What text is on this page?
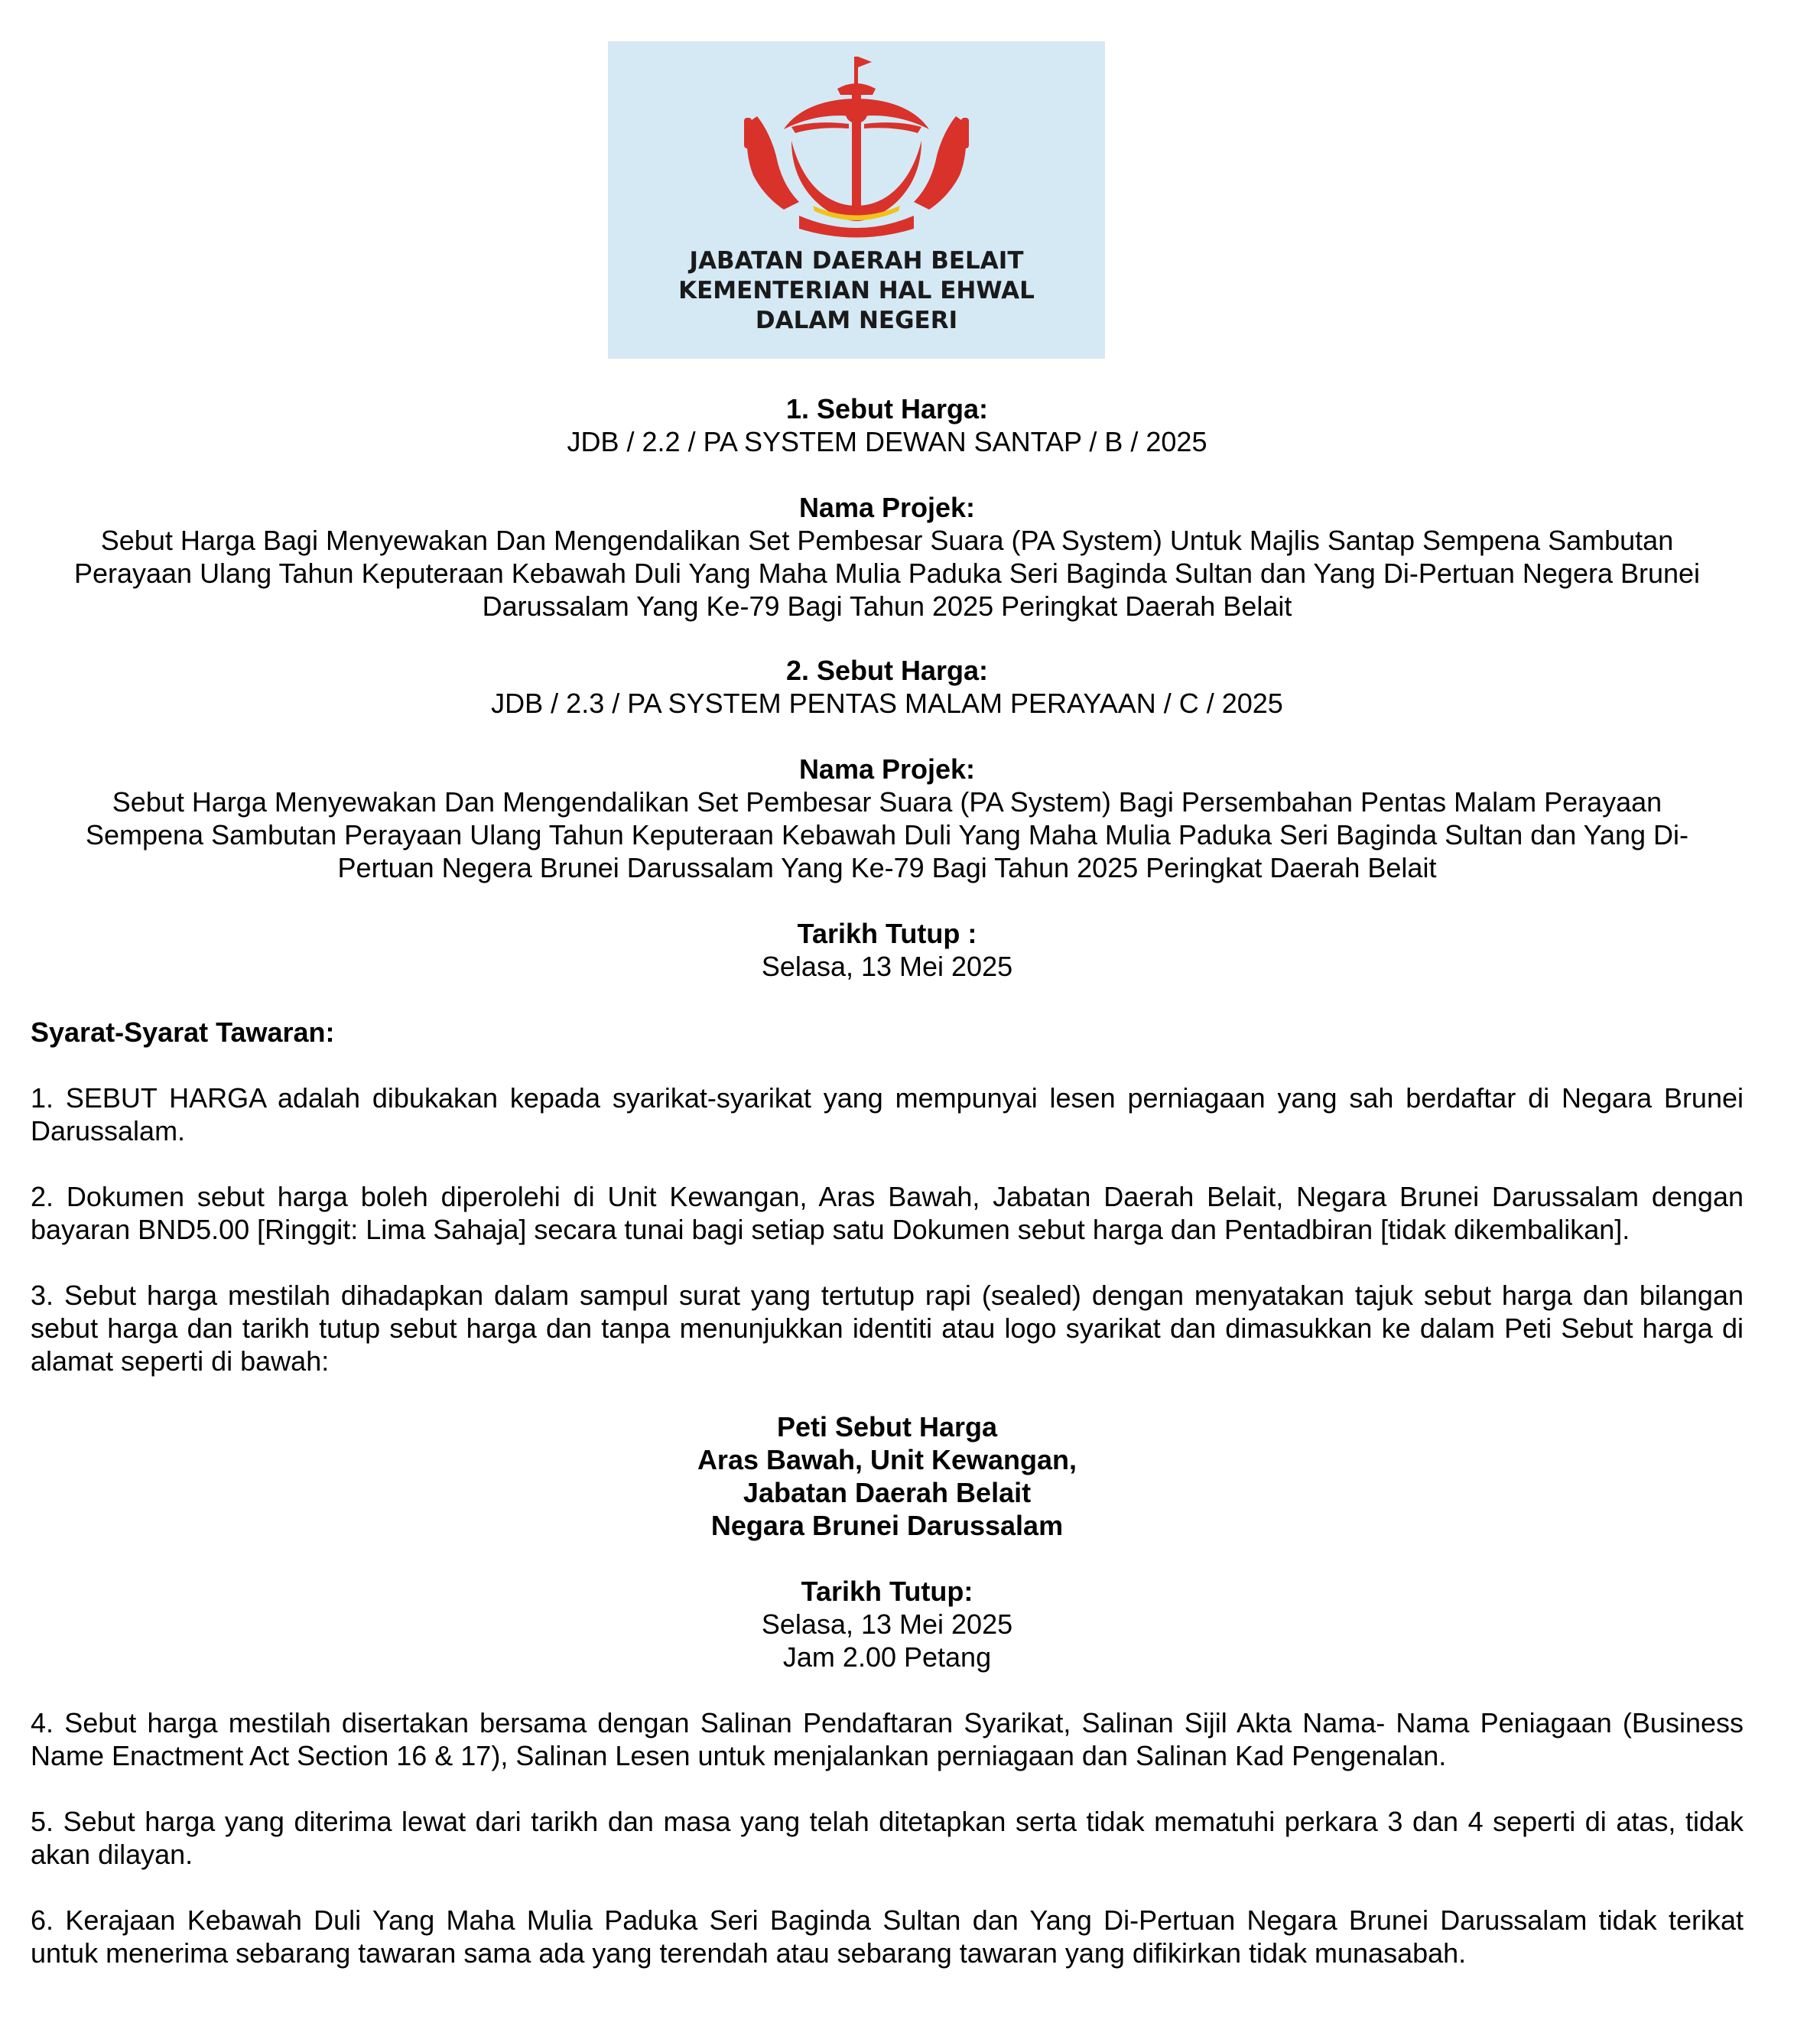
JABATAN DAERAH BELAIT
KEMENTERIAN HAL EHWAL
DALAM NEGERI
1. Sebut Harga:
JDB / 2.2 / PA SYSTEM DEWAN SANTAP / B / 2025
Nama Projek:
Sebut Harga Bagi Menyewakan Dan Mengendalikan Set Pembesar Suara (PA System) Untuk Majlis Santap Sempena Sambutan
Perayaan Ulang Tahun Keputeraan Kebawah Duli Yang Maha Mulia Paduka Seri Baginda Sultan dan Yang Di-Pertuan Negera Brunei
Darussalam Yang Ke-79 Bagi Tahun 2025 Peringkat Daerah Belait
2. Sebut Harga:
JDB / 2.3 / PA SYSTEM PENTAS MALAM PERAYAAN / C / 2025
Nama Projek:
Sebut Harga Menyewakan Dan Mengendalikan Set Pembesar Suara (PA System) Bagi Persembahan Pentas Malam Perayaan
Sempena Sambutan Perayaan Ulang Tahun Keputeraan Kebawah Duli Yang Maha Mulia Paduka Seri Baginda Sultan dan Yang Di-
Pertuan Negera Brunei Darussalam Yang Ke-79 Bagi Tahun 2025 Peringkat Daerah Belait
Tarikh Tutup :
Selasa, 13 Mei 2025
Syarat-Syarat Tawaran:
1. SEBUT HARGA adalah dibukakan kepada syarikat-syarikat yang mempunyai lesen perniagaan yang sah berdaftar di Negara Brunei Darussalam.
2. Dokumen sebut harga boleh diperolehi di Unit Kewangan, Aras Bawah, Jabatan Daerah Belait, Negara Brunei Darussalam dengan bayaran BND5.00 [Ringgit: Lima Sahaja] secara tunai bagi setiap satu Dokumen sebut harga dan Pentadbiran [tidak dikembalikan].
3. Sebut harga mestilah dihadapkan dalam sampul surat yang tertutup rapi (sealed) dengan menyatakan tajuk sebut harga dan bilangan sebut harga dan tarikh tutup sebut harga dan tanpa menunjukkan identiti atau logo syarikat dan dimasukkan ke dalam Peti Sebut harga di alamat seperti di bawah:
Peti Sebut Harga
Aras Bawah, Unit Kewangan,
Jabatan Daerah Belait
Negara Brunei Darussalam
Tarikh Tutup:
Selasa, 13 Mei 2025
Jam 2.00 Petang
4. Sebut harga mestilah disertakan bersama dengan Salinan Pendaftaran Syarikat, Salinan Sijil Akta Nama- Nama Peniagaan (Business Name Enactment Act Section 16 & 17), Salinan Lesen untuk menjalankan perniagaan dan Salinan Kad Pengenalan.
5. Sebut harga yang diterima lewat dari tarikh dan masa yang telah ditetapkan serta tidak mematuhi perkara 3 dan 4 seperti di atas, tidak akan dilayan.
6. Kerajaan Kebawah Duli Yang Maha Mulia Paduka Seri Baginda Sultan dan Yang Di-Pertuan Negara Brunei Darussalam tidak terikat untuk menerima sebarang tawaran sama ada yang terendah atau sebarang tawaran yang difikirkan tidak munasabah.
